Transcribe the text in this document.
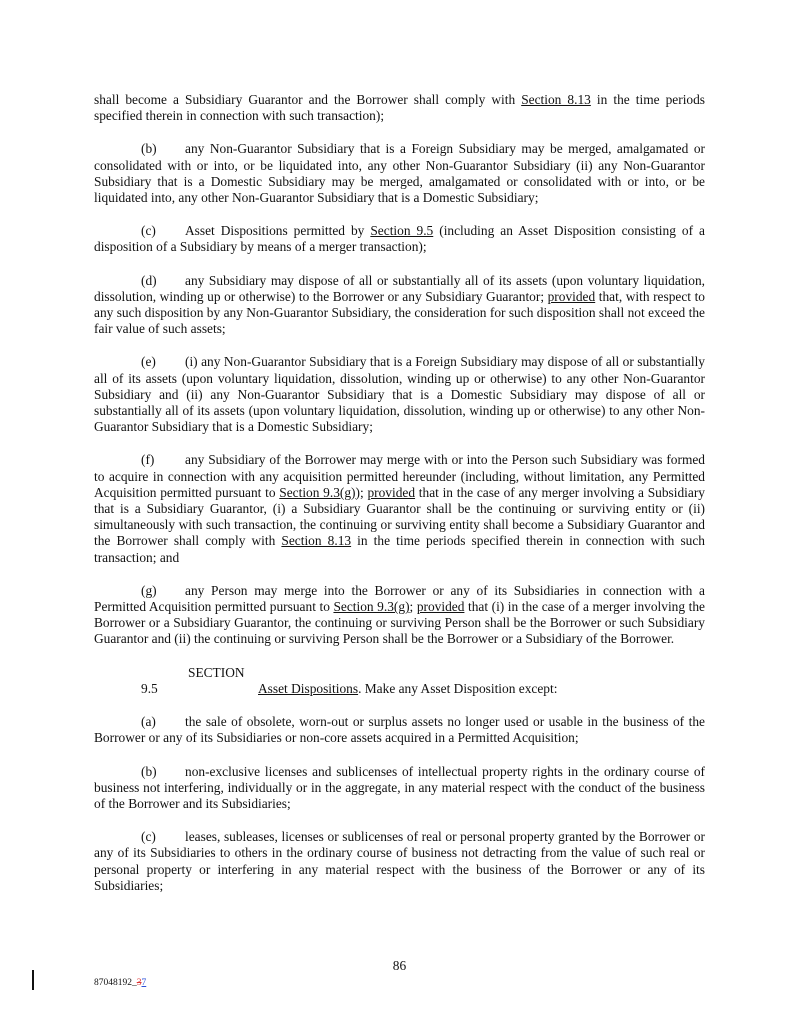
shall become a Subsidiary Guarantor and the Borrower shall comply with Section 8.13 in the time periods specified therein in connection with such transaction);

(b) any Non-Guarantor Subsidiary that is a Foreign Subsidiary may be merged, amalgamated or consolidated with or into, or be liquidated into, any other Non-Guarantor Subsidiary (ii) any Non-Guarantor Subsidiary that is a Domestic Subsidiary may be merged, amalgamated or consolidated with or into, or be liquidated into, any other Non-Guarantor Subsidiary that is a Domestic Subsidiary;

(c) Asset Dispositions permitted by Section 9.5 (including an Asset Disposition consisting of a disposition of a Subsidiary by means of a merger transaction);

(d) any Subsidiary may dispose of all or substantially all of its assets (upon voluntary liquidation, dissolution, winding up or otherwise) to the Borrower or any Subsidiary Guarantor; provided that, with respect to any such disposition by any Non-Guarantor Subsidiary, the consideration for such disposition shall not exceed the fair value of such assets;

(e) (i) any Non-Guarantor Subsidiary that is a Foreign Subsidiary may dispose of all or substantially all of its assets (upon voluntary liquidation, dissolution, winding up or otherwise) to any other Non-Guarantor Subsidiary and (ii) any Non-Guarantor Subsidiary that is a Domestic Subsidiary may dispose of all or substantially all of its assets (upon voluntary liquidation, dissolution, winding up or otherwise) to any other Non-Guarantor Subsidiary that is a Domestic Subsidiary;

(f) any Subsidiary of the Borrower may merge with or into the Person such Subsidiary was formed to acquire in connection with any acquisition permitted hereunder (including, without limitation, any Permitted Acquisition permitted pursuant to Section 9.3(g)); provided that in the case of any merger involving a Subsidiary that is a Subsidiary Guarantor, (i) a Subsidiary Guarantor shall be the continuing or surviving entity or (ii) simultaneously with such transaction, the continuing or surviving entity shall become a Subsidiary Guarantor and the Borrower shall comply with Section 8.13 in the time periods specified therein in connection with such transaction; and

(g) any Person may merge into the Borrower or any of its Subsidiaries in connection with a Permitted Acquisition permitted pursuant to Section 9.3(g); provided that (i) in the case of a merger involving the Borrower or a Subsidiary Guarantor, the continuing or surviving Person shall be the Borrower or such Subsidiary Guarantor and (ii) the continuing or surviving Person shall be the Borrower or a Subsidiary of the Borrower.

SECTION 9.5	Asset Dispositions. Make any Asset Disposition except:

(a) the sale of obsolete, worn-out or surplus assets no longer used or usable in the business of the Borrower or any of its Subsidiaries or non-core assets acquired in a Permitted Acquisition;

(b) non-exclusive licenses and sublicenses of intellectual property rights in the ordinary course of business not interfering, individually or in the aggregate, in any material respect with the conduct of the business of the Borrower and its Subsidiaries;

(c) leases, subleases, licenses or sublicenses of real or personal property granted by the Borrower or any of its Subsidiaries to others in the ordinary course of business not detracting from the value of such real or personal property or interfering in any material respect with the business of the Borrower or any of its Subsidiaries;

86
87048192_37
